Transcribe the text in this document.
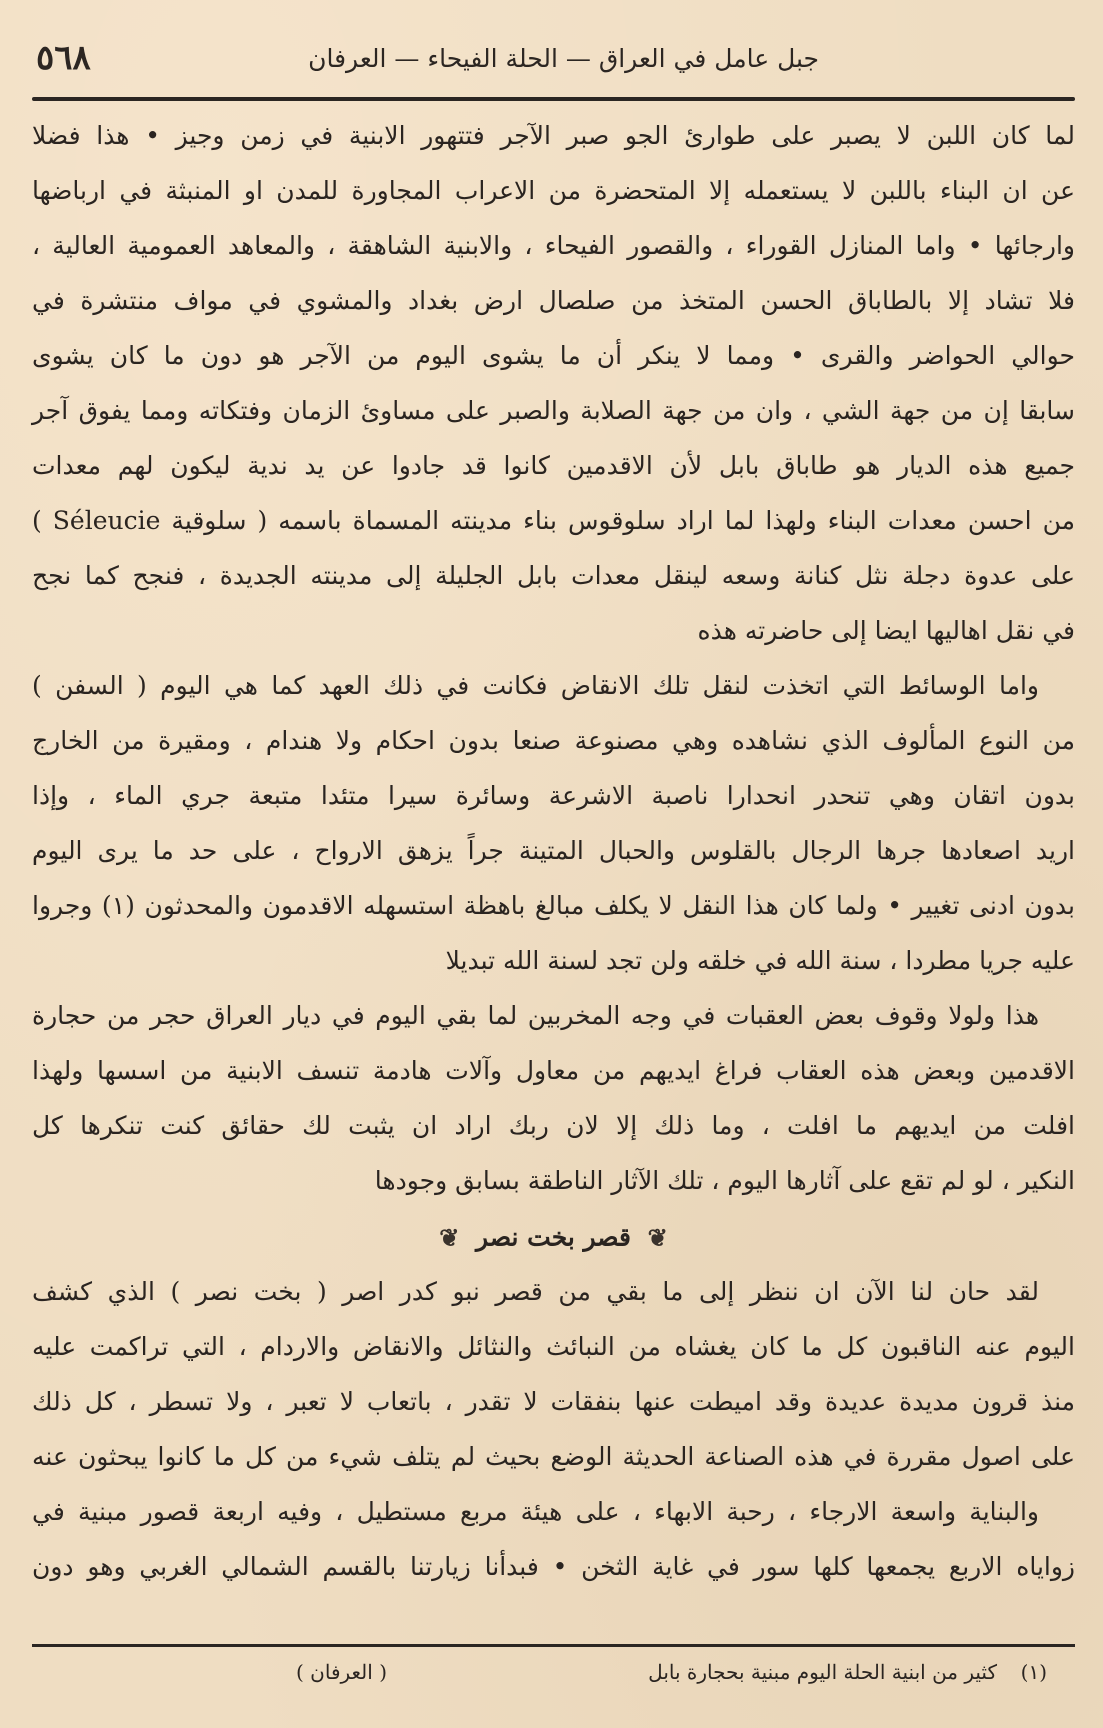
جبل عامل في العراق — الحلة الفيحاء — العرفان
٥٦٨
لما كان اللبن لا يصبر على طوارئ الجو صبر الآجر فتتهور الابنية في زمن وجيز • هذا فضلا
عن ان البناء باللبن لا يستعمله إلا المتحضرة من الاعراب المجاورة للمدن او المنبثة في ارباضها
وارجائها • واما المنازل القوراء ، والقصور الفيحاء ، والابنية الشاهقة ، والمعاهد العمومية العالية ،
فلا تشاد إلا بالطاباق الحسن المتخذ من صلصال ارض بغداد والمشوي في مواف منتشرة في
حوالي الحواضر والقرى • ومما لا ينكر أن ما يشوى اليوم من الآجر هو دون ما كان يشوى
سابقا إن من جهة الشي ، وان من جهة الصلابة والصبر على مساوئ الزمان وفتكاته ومما يفوق آجر
جميع هذه الديار هو طاباق بابل لأن الاقدمين كانوا قد جادوا عن يد ندية ليكون لهم معدات
من احسن معدات البناء ولهذا لما اراد سلوقوس بناء مدينته المسماة باسمه ( سلوقية Séleucie )
على عدوة دجلة نثل كنانة وسعه لينقل معدات بابل الجليلة إلى مدينته الجديدة ، فنجح كما نجح
في نقل اهاليها ايضا إلى حاضرته هذه
واما الوسائط التي اتخذت لنقل تلك الانقاض فكانت في ذلك العهد كما هي اليوم ( السفن )
من النوع المألوف الذي نشاهده وهي مصنوعة صنعا بدون احكام ولا هندام ، ومقيرة من الخارج
بدون اتقان وهي تنحدر انحدارا ناصبة الاشرعة وسائرة سيرا متئدا متبعة جري الماء ، وإذا
اريد اصعادها جرها الرجال بالقلوس والحبال المتينة جراً يزهق الارواح ، على حد ما يرى اليوم
بدون ادنى تغيير • ولما كان هذا النقل لا يكلف مبالغ باهظة استسهله الاقدمون والمحدثون (١) وجروا
عليه جريا مطردا ، سنة الله في خلقه ولن تجد لسنة الله تبديلا
هذا ولولا وقوف بعض العقبات في وجه المخربين لما بقي اليوم في ديار العراق حجر من حجارة
الاقدمين وبعض هذه العقاب فراغ ايديهم من معاول وآلات هادمة تنسف الابنية من اسسها ولهذا
افلت من ايديهم ما افلت ، وما ذلك إلا لان ربك اراد ان يثبت لك حقائق كنت تنكرها كل
النكير ، لو لم تقع على آثارها اليوم ، تلك الآثار الناطقة بسابق وجودها
❦ قصر بخت نصر ❦
لقد حان لنا الآن ان ننظر إلى ما بقي من قصر نبو كدر اصر ( بخت نصر ) الذي كشف
اليوم عنه الناقبون كل ما كان يغشاه من النبائث والنثائل والانقاض والاردام ، التي تراكمت عليه
منذ قرون مديدة عديدة وقد اميطت عنها بنفقات لا تقدر ، باتعاب لا تعبر ، ولا تسطر ، كل ذلك
على اصول مقررة في هذه الصناعة الحديثة الوضع بحيث لم يتلف شيء من كل ما كانوا يبحثون عنه
والبناية واسعة الارجاء ، رحبة الابهاء ، على هيئة مربع مستطيل ، وفيه اربعة قصور مبنية في
زواياه الاربع يجمعها كلها سور في غاية الثخن • فبدأنا زيارتنا بالقسم الشمالي الغربي وهو دون
(١)
كثير من ابنية الحلة اليوم مبنية بحجارة بابل
( العرفان )
